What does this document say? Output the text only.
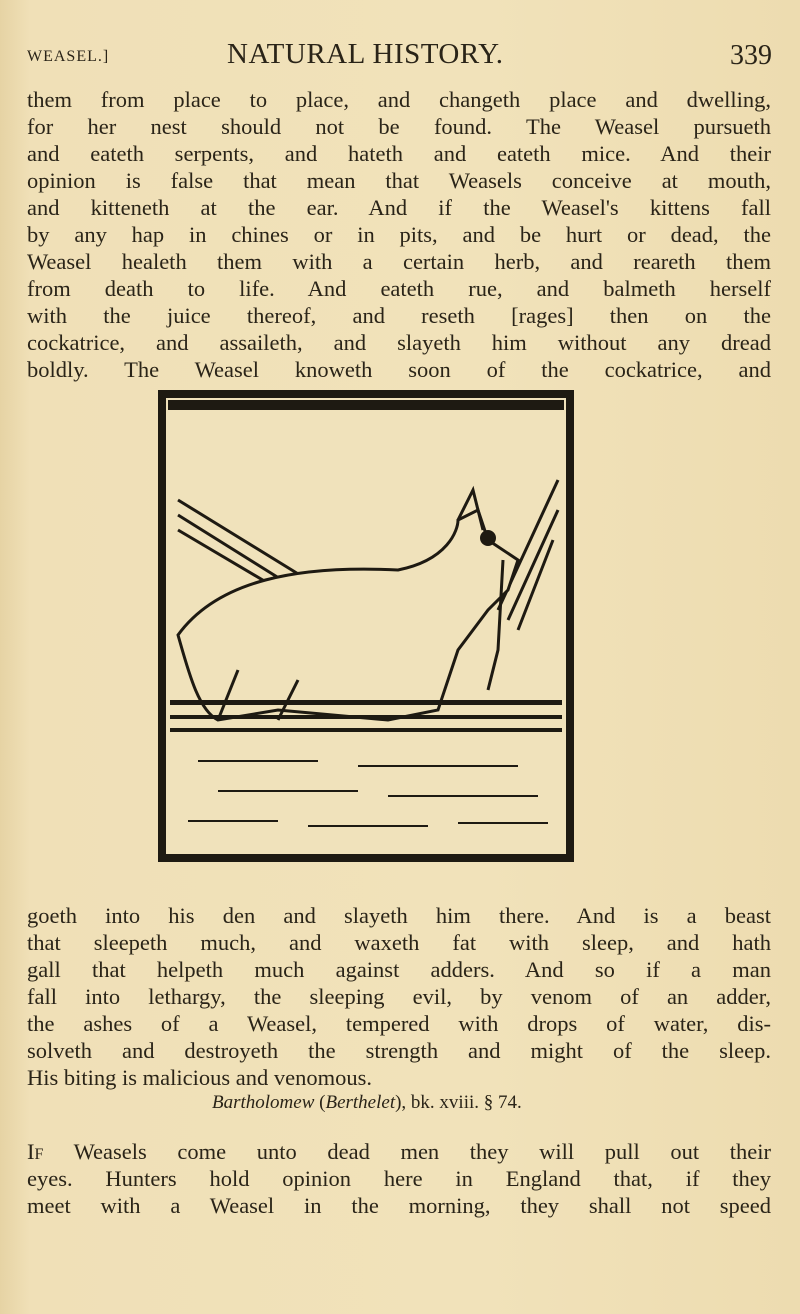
WEASEL.]	NATURAL HISTORY.	339
them from place to place, and changeth place and dwelling,
for her nest should not be found. The Weasel pursueth
and eateth serpents, and hateth and eateth mice. And their
opinion is false that mean that Weasels conceive at mouth,
and kitteneth at the ear. And if the Weasel's kittens fall
by any hap in chines or in pits, and be hurt or dead, the
Weasel healeth them with a certain herb, and reareth them
from death to life. And eateth rue, and balmeth herself
with the juice thereof, and reseth [rages] then on the
cockatrice, and assaileth, and slayeth him without any dread
boldly. The Weasel knoweth soon of the cockatrice, and
goeth into his den and slayeth him there. And is a beast
that sleepeth much, and waxeth fat with sleep, and hath
gall that helpeth much against adders. And so if a man
fall into lethargy, the sleeping evil, by venom of an adder,
the ashes of a Weasel, tempered with drops of water, dis-
solveth and destroyeth the strength and might of the sleep.
His biting is malicious and venomous.
Bartholomew (Berthelet), bk. xviii. § 74.
If Weasels come unto dead men they will pull out their
eyes. Hunters hold opinion here in England that, if they
meet with a Weasel in the morning, they shall not speed
